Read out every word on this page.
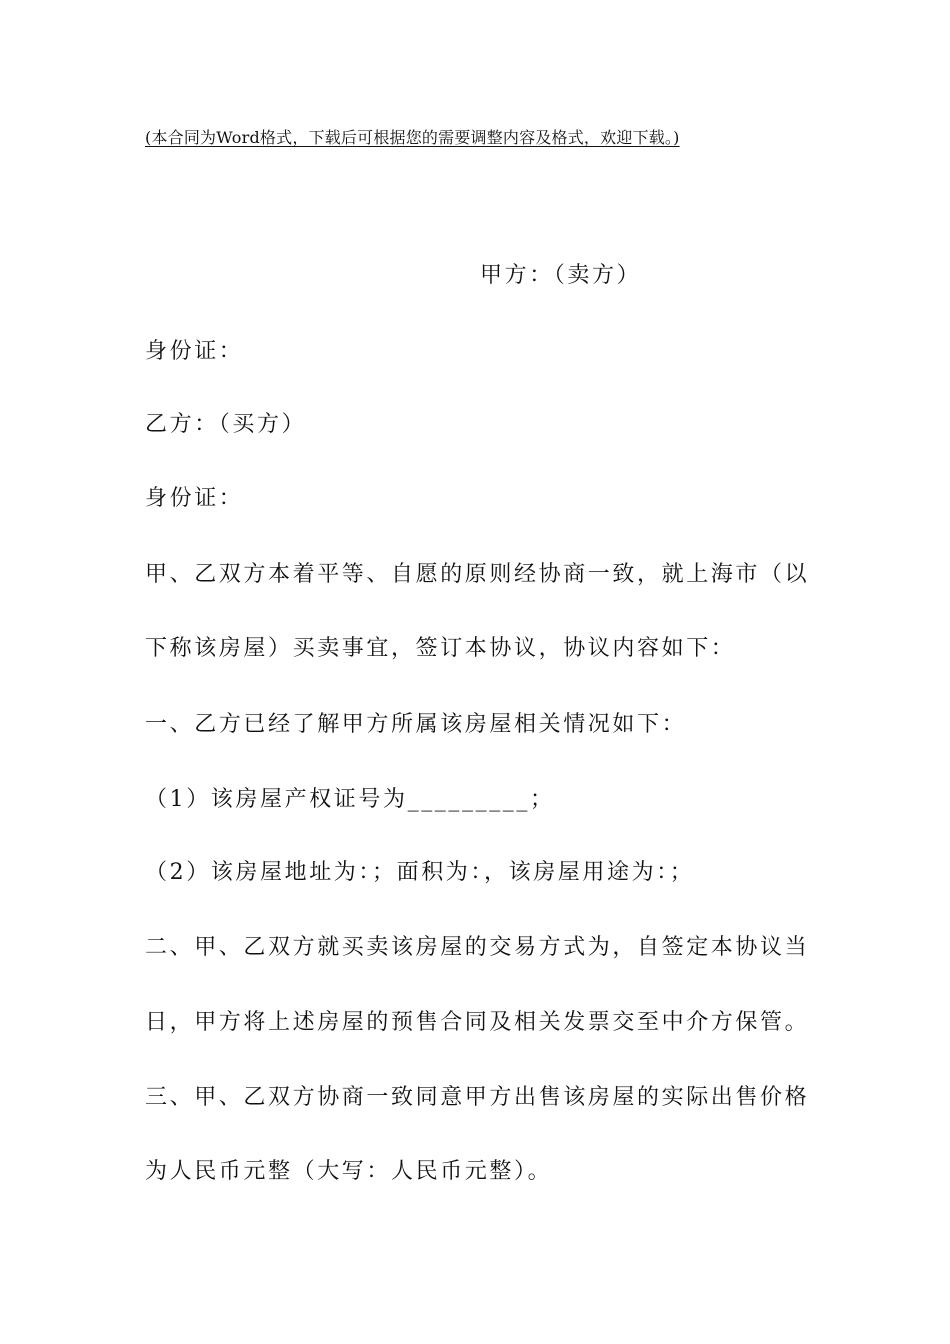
(本合同为Word格式，下载后可根据您的需要调整内容及格式，欢迎下载。)
甲方：（卖方）
身份证：
乙方：（买方）
身份证：
甲、乙双方本着平等、自愿的原则经协商一致，就上海市（以
下称该房屋）买卖事宜，签订本协议，协议内容如下：
一、乙方已经了解甲方所属该房屋相关情况如下：
（1）该房屋产权证号为_________；
（2）该房屋地址为：；面积为：，该房屋用途为：；
二、甲、乙双方就买卖该房屋的交易方式为，自签定本协议当
日，甲方将上述房屋的预售合同及相关发票交至中介方保管。
三、甲、乙双方协商一致同意甲方出售该房屋的实际出售价格
为人民币元整（大写：人民币元整）。
